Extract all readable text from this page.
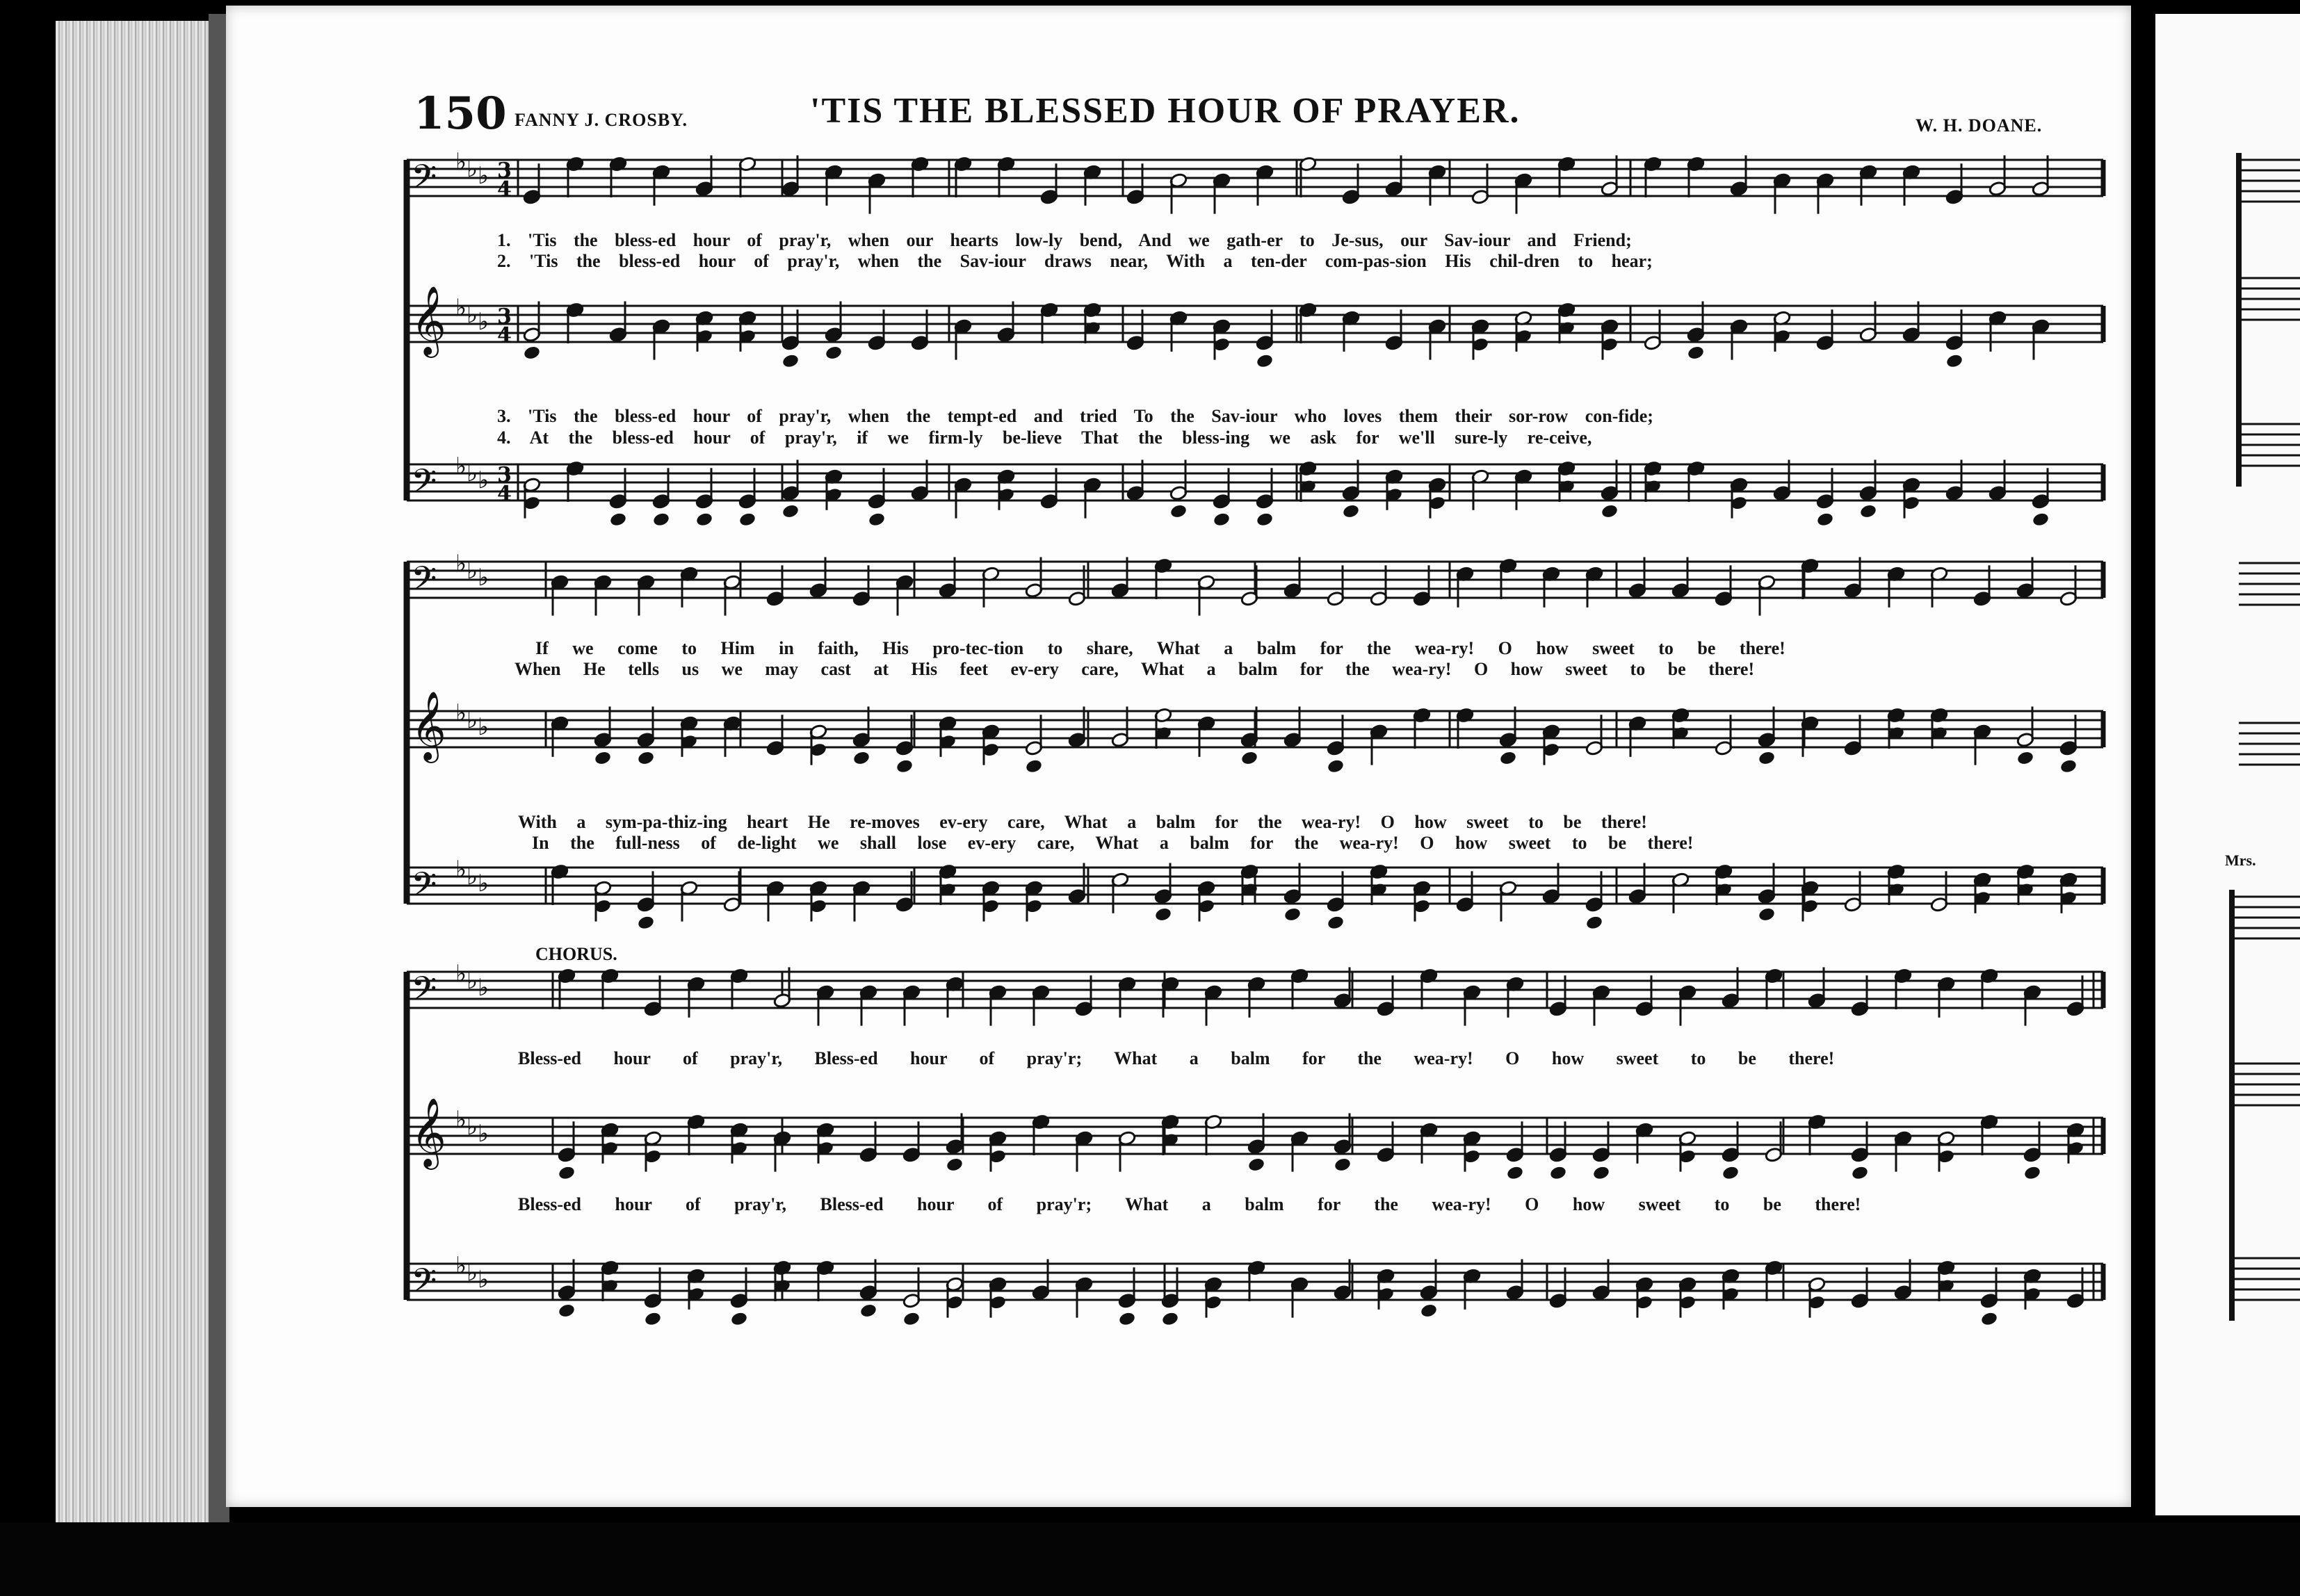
Mrs.
150 FANNY J. CROSBY.	'TIS THE BLESSED HOUR OF PRAYER.	W. H. DOANE.
𝄢 ♭ ♭ ♭ 3
4
𝄞 ♭ ♭ ♭ 3
4
𝄢 ♭ ♭ ♭ 3
4
𝄢 ♭ ♭ ♭
𝄞 ♭ ♭ ♭
𝄢 ♭ ♭ ♭
𝄢 ♭ ♭ ♭
𝄞 ♭ ♭ ♭
𝄢 ♭ ♭ ♭
1. 'Tis the bless-ed hour of pray'r, when our hearts low-ly bend, And we gath-er to Je-sus, our Sav-iour and Friend;
2. 'Tis the bless-ed hour of pray'r, when the Sav-iour draws near, With a ten-der com-pas-sion His chil-dren to hear;
3. 'Tis the bless-ed hour of pray'r, when the tempt-ed and tried To the Sav-iour who loves them their sor-row con-fide;
4. At the bless-ed hour of pray'r, if we firm-ly be-lieve That the bless-ing we ask for we'll sure-ly re-ceive,
If we come to Him in faith, His pro-tec-tion to share, What a balm for the wea-ry! O how sweet to be there!
When He tells us we may cast at His feet ev-ery care, What a balm for the wea-ry! O how sweet to be there!
With a sym-pa-thiz-ing heart He re-moves ev-ery care, What a balm for the wea-ry! O how sweet to be there!
In the full-ness of de-light we shall lose ev-ery care, What a balm for the wea-ry! O how sweet to be there!
CHORUS.
Bless-ed hour of pray'r, Bless-ed hour of pray'r; What a balm for the wea-ry! O how sweet to be there!
Bless-ed hour of pray'r, Bless-ed hour of pray'r; What a balm for the wea-ry! O how sweet to be there!
